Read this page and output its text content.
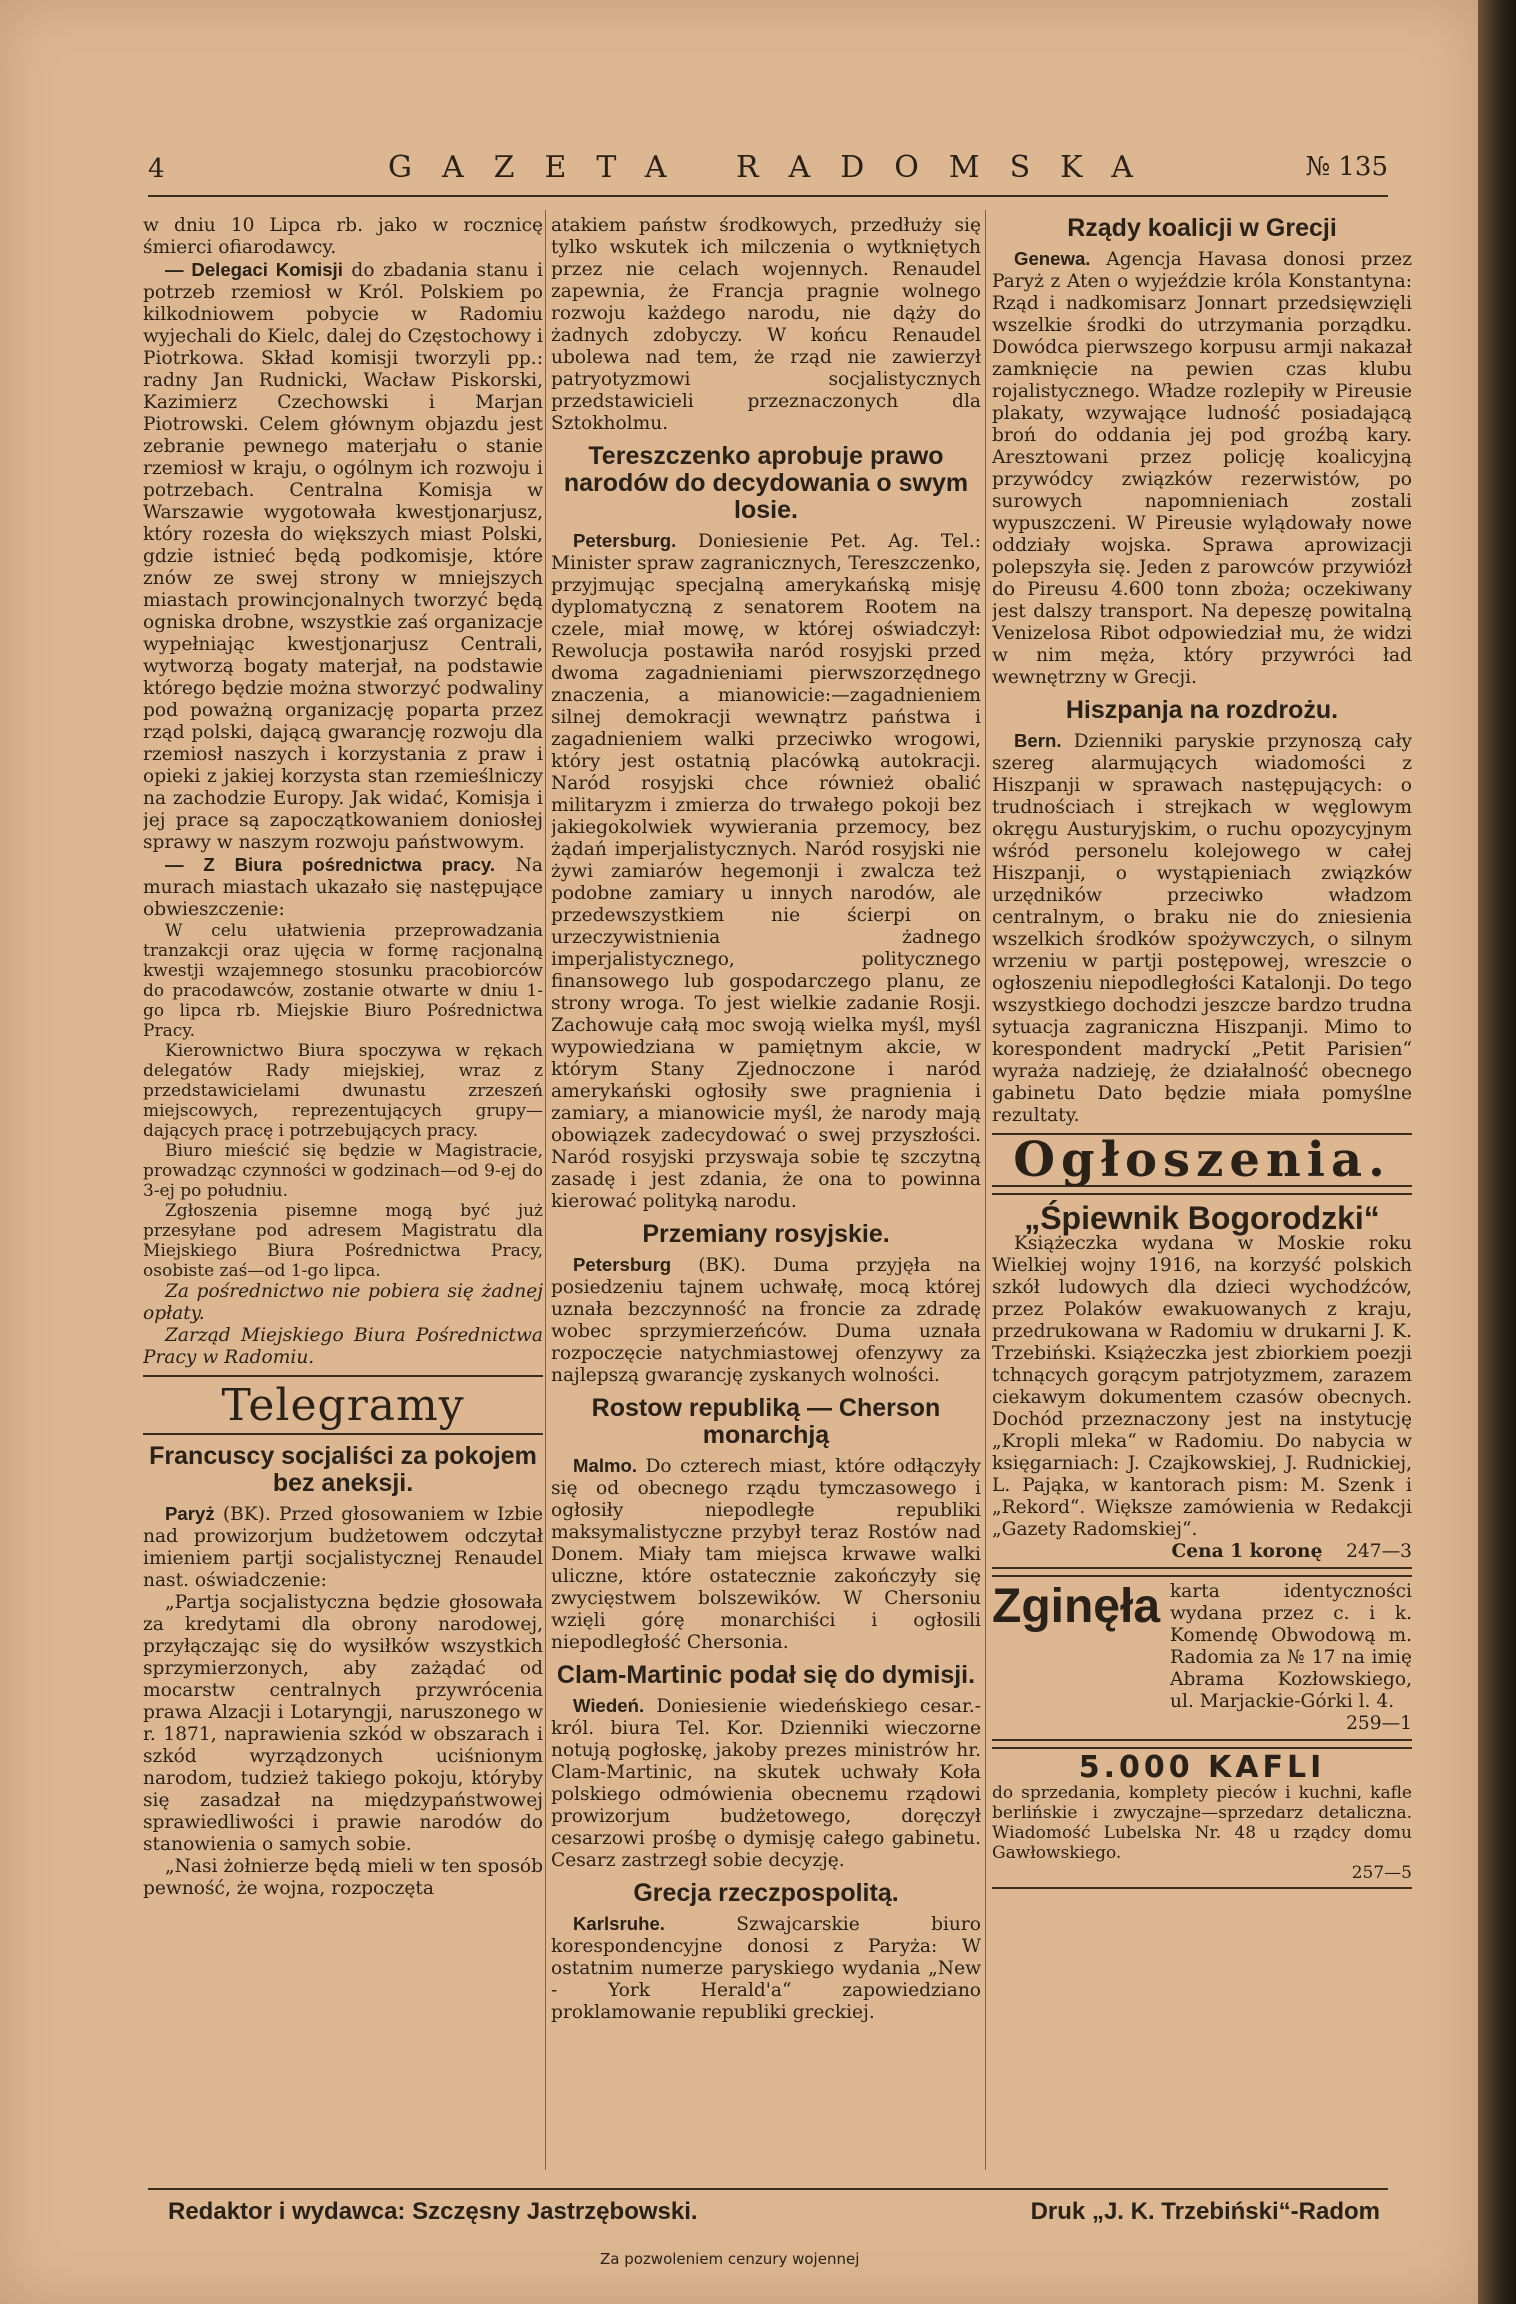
4	GAZETA RADOMSKA	№ 135

w dniu 10 Lipca rb. jako w rocznicę śmierci ofiarodawcy.

— Delegaci Komisji do zbadania stanu i potrzeb rzemiosł w Król. Polskiem po kilkodniowem pobycie w Radomiu wyjechali do Kielc, dalej do Częstochowy i Piotrkowa. Skład komisji tworzyli pp.: radny Jan Rudnicki, Wacław Piskorski, Kazimierz Czechowski i Marjan Piotrowski. Celem głównym objazdu jest zebranie pewnego materjału o stanie rzemiosł w kraju, o ogólnym ich rozwoju i potrzebach. Centralna Komisja w Warszawie wygotowała kwestjonarjusz, który rozesła do większych miast Polski, gdzie istnieć będą podkomisje, które znów ze swej strony w mniejszych miastach prowincjonalnych tworzyć będą ogniska drobne, wszystkie zaś organizacje wypełniając kwestjonarjusz Centrali, wytworzą bogaty materjał, na podstawie którego będzie można stworzyć podwaliny pod poważną organizację poparta przez rząd polski, dającą gwarancję rozwoju dla rzemiosł naszych i korzystania z praw i opieki z jakiej korzysta stan rzemieślniczy na zachodzie Europy. Jak widać, Komisja i jej prace są zapoczątkowaniem doniosłej sprawy w naszym rozwoju państwowym.

— Z Biura pośrednictwa pracy. Na murach miastach ukazało się następujące obwieszczenie:

W celu ułatwienia przeprowadzania tranzakcji oraz ujęcia w formę racjonalną kwestji wzajemnego stosunku pracobiorców do pracodawców, zostanie otwarte w dniu 1-go lipca rb. Miejskie Biuro Pośrednictwa Pracy.

Kierownictwo Biura spoczywa w rękach delegatów Rady miejskiej, wraz z przedstawicielami dwunastu zrzeszeń miejscowych, reprezentujących grupy—dających pracę i potrzebujących pracy.

Biuro mieścić się będzie w Magistracie, prowadząc czynności w godzinach—od 9-ej do 3-ej po południu.

Zgłoszenia pisemne mogą być już przesyłane pod adresem Magistratu dla Miejskiego Biura Pośrednictwa Pracy, osobiste zaś—od 1-go lipca.

Za pośrednictwo nie pobiera się żadnej opłaty.

Zarząd Miejskiego Biura Pośrednictwa Pracy w Radomiu.

Telegramy
Francuscy socjaliści za pokojem bez aneksji.

Paryż (BK). Przed głosowaniem w Izbie nad prowizorjum budżetowem odczytał imieniem partji socjalistycznej Renaudel nast. oświadczenie:

„Partja socjalistyczna będzie głosowała za kredytami dla obrony narodowej, przyłączając się do wysiłków wszystkich sprzymierzonych, aby zażądać od mocarstw centralnych przywrócenia prawa Alzacji i Lotaryngji, naruszonego w r. 1871, naprawienia szkód w obszarach i szkód wyrządzonych uciśnionym narodom, tudzież takiego pokoju, któryby się zasadzał na międzypaństwowej sprawiedliwości i prawie narodów do stanowienia o samych sobie.

„Nasi żołnierze będą mieli w ten sposób pewność, że wojna, rozpoczęta

atakiem państw środkowych, przedłuży się tylko wskutek ich milczenia o wytkniętych przez nie celach wojennych. Renaudel zapewnia, że Francja pragnie wolnego rozwoju każdego narodu, nie dąży do żadnych zdobyczy. W końcu Renaudel ubolewa nad tem, że rząd nie zawierzył patryotyzmowi socjalistycznych przedstawicieli przeznaczonych dla Sztokholmu.

Tereszczenko aprobuje prawo narodów do decydowania o swym losie.

Petersburg. Doniesienie Pet. Ag. Tel.: Minister spraw zagranicznych, Tereszczenko, przyjmując specjalną amerykańską misję dyplomatyczną z senatorem Rootem na czele, miał mowę, w której oświadczył: Rewolucja postawiła naród rosyjski przed dwoma zagadnieniami pierwszorzędnego znaczenia, a mianowicie:—zagadnieniem silnej demokracji wewnątrz państwa i zagadnieniem walki przeciwko wrogowi, który jest ostatnią placówką autokracji. Naród rosyjski chce również obalić militaryzm i zmierza do trwałego pokoji bez jakiegokolwiek wywierania przemocy, bez żądań imperjalistycznych. Naród rosyjski nie żywi zamiarów hegemonji i zwalcza też podobne zamiary u innych narodów, ale przedewszystkiem nie ścierpi on urzeczywistnienia żadnego imperjalistycznego, politycznego finansowego lub gospodarczego planu, ze strony wroga. To jest wielkie zadanie Rosji. Zachowuje całą moc swoją wielka myśl, myśl wypowiedziana w pamiętnym akcie, w którym Stany Zjednoczone i naród amerykański ogłosiły swe pragnienia i zamiary, a mianowicie myśl, że narody mają obowiązek zadecydować o swej przyszłości. Naród rosyjski przyswaja sobie tę szczytną zasadę i jest zdania, że ona to powinna kierować polityką narodu.

Przemiany rosyjskie.

Petersburg (BK). Duma przyjęła na posiedzeniu tajnem uchwałę, mocą której uznała bezczynność na froncie za zdradę wobec sprzymierzeńców. Duma uznała rozpoczęcie natychmiastowej ofenzywy za najlepszą gwarancję zyskanych wolności.

Rostow republiką — Cherson monarchją

Malmo. Do czterech miast, które odłączyły się od obecnego rządu tymczasowego i ogłosiły niepodległe republiki maksymalistyczne przybył teraz Rostów nad Donem. Miały tam miejsca krwawe walki uliczne, które ostatecznie zakończyły się zwycięstwem bolszewików. W Chersoniu wzięli górę monarchiści i ogłosili niepodległość Chersonia.

Clam-Martinic podał się do dymisji.

Wiedeń. Doniesienie wiedeńskiego cesar.-król. biura Tel. Kor. Dzienniki wieczorne notują pogłoskę, jakoby prezes ministrów hr. Clam-Martinic, na skutek uchwały Koła polskiego odmówienia obecnemu rządowi prowizorjum budżetowego, doręczył cesarzowi prośbę o dymisję całego gabinetu. Cesarz zastrzegł sobie decyzję.

Grecja rzeczpospolitą.

Karlsruhe. Szwajcarskie biuro korespondencyjne donosi z Paryża: W ostatnim numerze paryskiego wydania „New - York Herald'a“ zapowiedziano proklamowanie republiki greckiej.

Rządy koalicji w Grecji

Genewa. Agencja Havasa donosi przez Paryż z Aten o wyjeździe króla Konstantyna: Rząd i nadkomisarz Jonnart przedsięwzięli wszelkie środki do utrzymania porządku. Dowódca pierwszego korpusu armji nakazał zamknięcie na pewien czas klubu rojalistycznego. Władze rozlepiły w Pireusie plakaty, wzywające ludność posiadającą broń do oddania jej pod groźbą kary. Aresztowani przez policję koalicyjną przywódcy związków rezerwistów, po surowych napomnieniach zostali wypuszczeni. W Pireusie wylądowały nowe oddziały wojska. Sprawa aprowizacji polepszyła się. Jeden z parowców przywiózł do Pireusu 4.600 tonn zboża; oczekiwany jest dalszy transport. Na depeszę powitalną Venizelosa Ribot odpowiedział mu, że widzi w nim męża, który przywróci ład wewnętrzny w Grecji.

Hiszpanja na rozdrożu.

Bern. Dzienniki paryskie przynoszą cały szereg alarmujących wiadomości z Hiszpanji w sprawach następujących: o trudnościach i strejkach w węglowym okręgu Austuryjskim, o ruchu opozycyjnym wśród personelu kolejowego w całej Hiszpanji, o wystąpieniach związków urzędników przeciwko władzom centralnym, o braku nie do zniesienia wszelkich środków spożywczych, o silnym wrzeniu w partji postępowej, wreszcie o ogłoszeniu niepodległości Katalonji. Do tego wszystkiego dochodzi jeszcze bardzo trudna sytuacja zagraniczna Hiszpanji. Mimo to korespondent madryckí „Petit Parisien“ wyraża nadzieję, że działalność obecnego gabinetu Dato będzie miała pomyślne rezultaty.

Ogłoszenia.
„Śpiewnik Bogorodzki“

Książeczka wydana w Moskie roku Wielkiej wojny 1916, na korzyść polskich szkół ludowych dla dzieci wychodźców, przez Polaków ewakuowanych z kraju, przedrukowana w Radomiu w drukarni J. K. Trzebiński. Książeczka jest zbiorkiem poezji tchnących gorącym patrjotyzmem, zarazem ciekawym dokumentem czasów obecnych. Dochód przeznaczony jest na instytucję „Kropli mleka“ w Radomiu. Do nabycia w księgarniach: J. Czajkowskiej, J. Rudnickiej, L. Pająka, w kantorach pism: M. Szenk i „Rekord“. Większe zamówienia w Redakcji „Gazety Radomskiej“.

Cena 1 koronę 247—3

Zginęła karta identyczności wydana przez c. i k. Komendę Obwodową m. Radomia za № 17 na imię Abrama Kozłowskiego, ul. Marjackie-Górki l. 4.

259—1

5.000 KAFLI

do sprzedania, komplety pieców i kuchni, kafle berlińskie i zwyczajne—sprzedarz detaliczna. Wiadomość Lubelska Nr. 48 u rządcy domu Gawłowskiego.

257—5

Redaktor i wydawca: Szczęsny Jastrzębowski.	Druk „J. K. Trzebiński“-Radom
Za pozwoleniem cenzury wojennej
